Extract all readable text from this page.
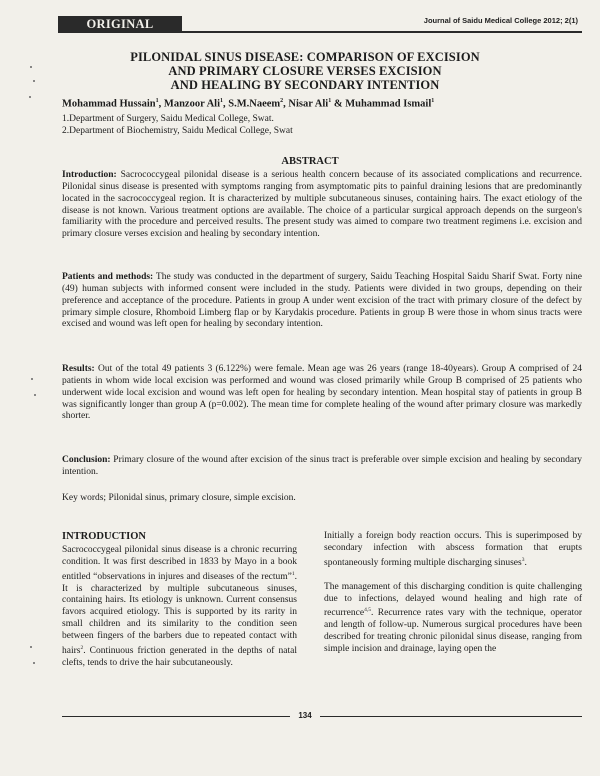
ORIGINAL ARTICLE
Journal of Saidu Medical College 2012; 2(1)
PILONIDAL SINUS DISEASE: COMPARISON OF EXCISION
AND PRIMARY CLOSURE VERSES EXCISION
AND HEALING BY SECONDARY INTENTION
Mohammad Hussain$^1$, Manzoor Ali$^1$, S.M.Naeem$^2$, Nisar Ali$^1$ & Muhammad Ismail$^1$
1.Department of Surgery, Saidu Medical College, Swat.
2.Department of Biochemistry, Saidu Medical College, Swat
ABSTRACT
Introduction: Sacrococcygeal pilonidal disease is a serious health concern because of its associated complications and recurrence. Pilonidal sinus disease is presented with symptoms ranging from asymptomatic pits to painful draining lesions that are predominantly located in the sacrococcygeal region. It is characterized by multiple subcutaneous sinuses, containing hairs. The exact etiology of the disease is not known. Various treatment options are available. The choice of a particular surgical approach depends on the surgeon's familiarity with the procedure and perceived results. The present study was aimed to compare two treatment regimens i.e. excision and primary closure verses excision and healing by secondary intention.
Patients and methods: The study was conducted in the department of surgery, Saidu Teaching Hospital Saidu Sharif Swat. Forty nine (49) human subjects with informed consent were included in the study. Patients were divided in two groups, depending on their preference and acceptance of the procedure. Patients in group A under went excision of the tract with primary closure of the defect by primary simple closure, Rhomboid Limberg flap or by Karydakis procedure. Patients in group B were those in whom sinus tracts were excised and wound was left open for healing by secondary intention.
Results: Out of the total 49 patients 3 (6.122%) were female. Mean age was 26 years (range 18-40years). Group A comprised of 24 patients in whom wide local excision was performed and wound was closed primarily while Group B comprised of 25 patients who underwent wide local excision and wound was left open for healing by secondary intention. Mean hospital stay of patients in group B was significantly longer than group A (p=0.002). The mean time for complete healing of the wound after primary closure was markedly shorter.
Conclusion: Primary closure of the wound after excision of the sinus tract is preferable over simple excision and healing by secondary intention.
Key words; Pilonidal sinus, primary closure, simple excision.
INTRODUCTION

Sacrococcygeal pilonidal sinus disease is a chronic recurring condition. It was first described in 1833 by Mayo in a book entitled “observations in injures and diseases of the rectum”$^1$. It is characterized by multiple subcutaneous sinuses, containing hairs. Its etiology is unknown. Current consensus favors acquired etiology. This is supported by its rarity in small children and its similarity to the condition seen between fingers of the barbers due to repeated contact with hairs$^2$. Continuous friction generated in the depths of natal clefts, tends to drive the hair subcutaneously.

Initially a foreign body reaction occurs. This is superimposed by secondary infection with abscess formation that erupts spontaneously forming multiple discharging sinuses$^3$.

The management of this discharging condition is quite challenging due to infections, delayed wound healing and high rate of recurrence$^{4,5}$. Recurrence rates vary with the technique, operator and length of follow-up. Numerous surgical procedures have been described for treating chronic pilonidal sinus disease, ranging from simple incision and drainage, laying open the

134
